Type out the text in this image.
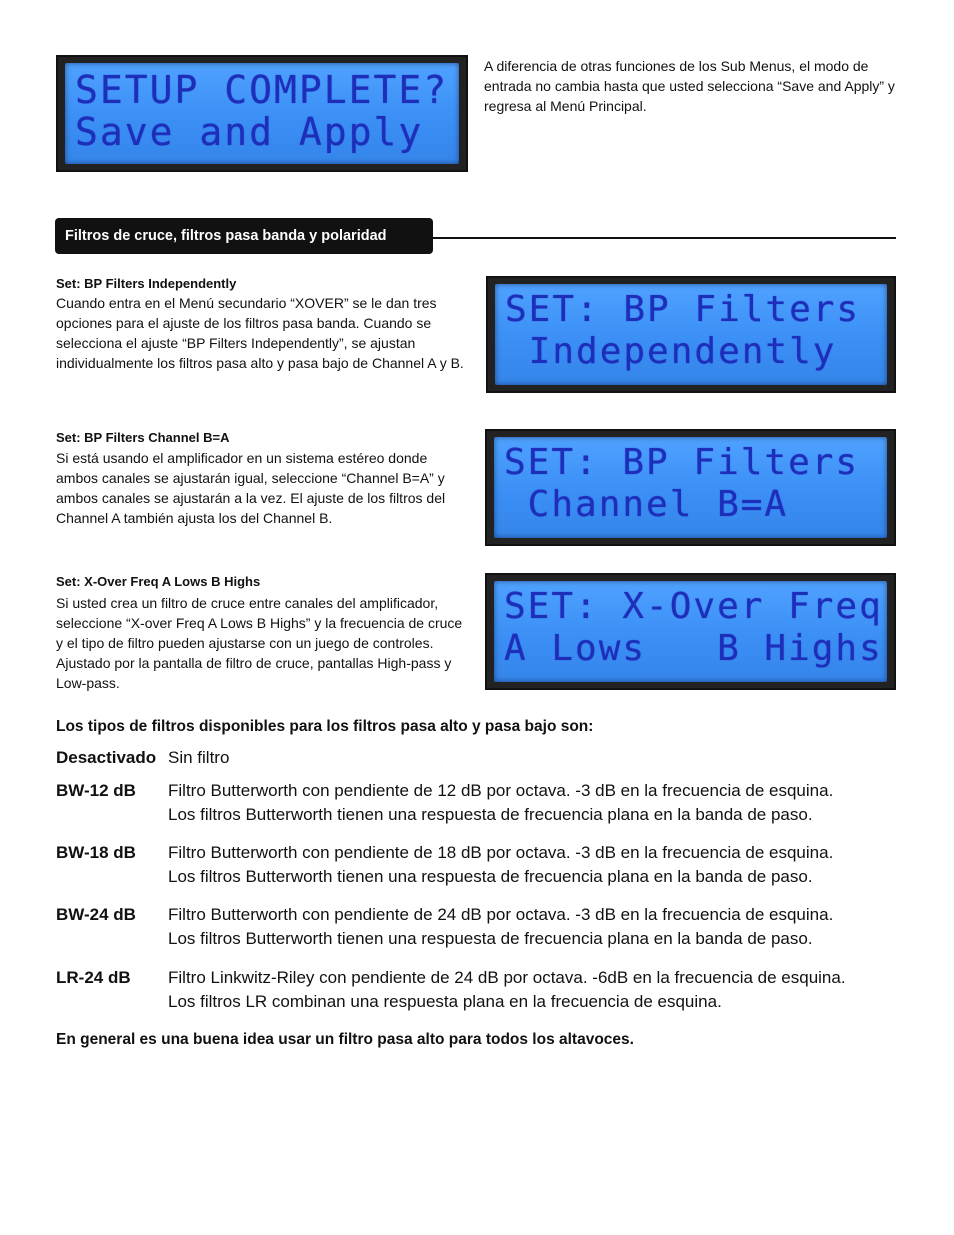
SETUP COMPLETE?
Save and Apply
A diferencia de otras funciones de los Sub Menus, el modo de entrada no cambia hasta que usted selecciona “Save and Apply” y regresa al Menú Principal.
Filtros de cruce, filtros pasa banda y polaridad
Set: BP Filters Independently
Cuando entra en el Menú secundario “XOVER” se le dan tres opciones para el ajuste de los filtros pasa banda. Cuando se selecciona el ajuste “BP Filters Independently”, se ajustan individualmente los filtros pasa alto y pasa bajo de Channel A y B.
SET: BP Filters
Independently
Set: BP Filters Channel B=A
Si está usando el amplificador en un sistema estéreo donde ambos canales se ajustarán igual, seleccione “Channel B=A” y ambos canales se ajustarán a la vez. El ajuste de los filtros del Channel A también ajusta los del Channel B.
SET: BP Filters
Channel B=A
Set: X-Over Freq A Lows B Highs
Si usted crea un filtro de cruce entre canales del amplificador, seleccione “X-over Freq A Lows B Highs” y la frecuencia de cruce y el tipo de filtro pueden ajustarse con un juego de controles. Ajustado por la pantalla de filtro de cruce, pantallas High-pass y Low-pass.
SET: X-Over Freq
A Lows   B Highs
Los tipos de filtros disponibles para los filtros pasa alto y pasa bajo son:
Desactivado Sin filtro
BW-12 dB Filtro Butterworth con pendiente de 12 dB por octava. -3 dB en la frecuencia de esquina.
Los filtros Butterworth tienen una respuesta de frecuencia plana en la banda de paso.
BW-18 dB Filtro Butterworth con pendiente de 18 dB por octava. -3 dB en la frecuencia de esquina.
Los filtros Butterworth tienen una respuesta de frecuencia plana en la banda de paso.
BW-24 dB Filtro Butterworth con pendiente de 24 dB por octava. -3 dB en la frecuencia de esquina.
Los filtros Butterworth tienen una respuesta de frecuencia plana en la banda de paso.
LR-24 dB Filtro Linkwitz-Riley con pendiente de 24 dB por octava. -6dB en la frecuencia de esquina.
Los filtros LR combinan una respuesta plana en la frecuencia de esquina.
En general es una buena idea usar un filtro pasa alto para todos los altavoces.
